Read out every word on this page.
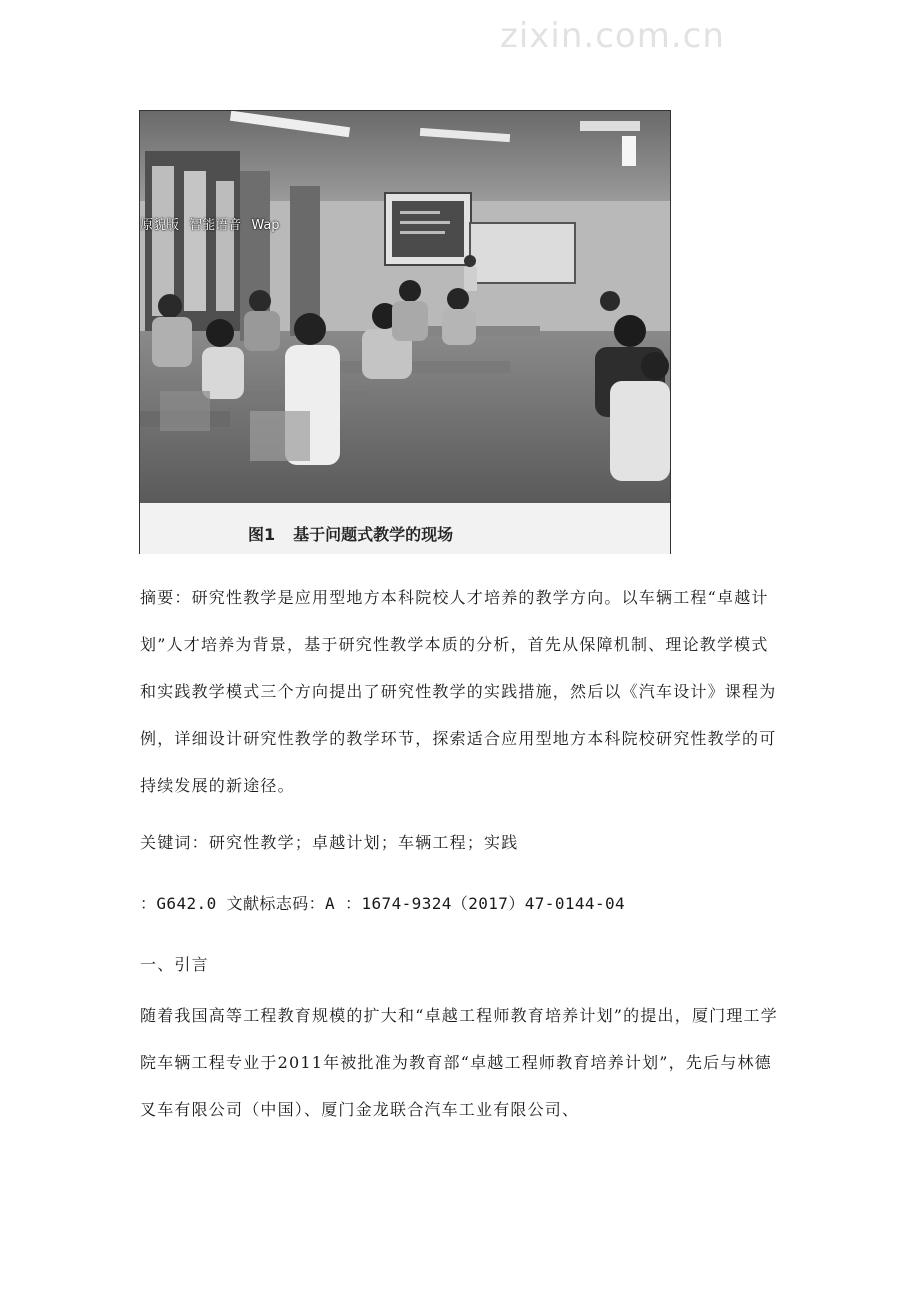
原貌版 智能语音 Wap
图1 基于问题式教学的现场
zixin.com.cn

摘要：研究性教学是应用型地方本科院校人才培养的教学方向。以车辆工程“卓越计划”人才培养为背景，基于研究性教学本质的分析，首先从保障机制、理论教学模式和实践教学模式三个方向提出了研究性教学的实践措施，然后以《汽车设计》课程为例，详细设计研究性教学的教学环节，探索适合应用型地方本科院校研究性教学的可持续发展的新途径。

关键词：研究性教学；卓越计划；车辆工程；实践

：G642.0 文献标志码：A ：1674-9324（2017）47-0144-04

一、引言

随着我国高等工程教育规模的扩大和“卓越工程师教育培养计划”的提出，厦门理工学院车辆工程专业于2011年被批准为教育部“卓越工程师教育培养计划”，先后与林德叉车有限公司（中国）、厦门金龙联合汽车工业有限公司、
